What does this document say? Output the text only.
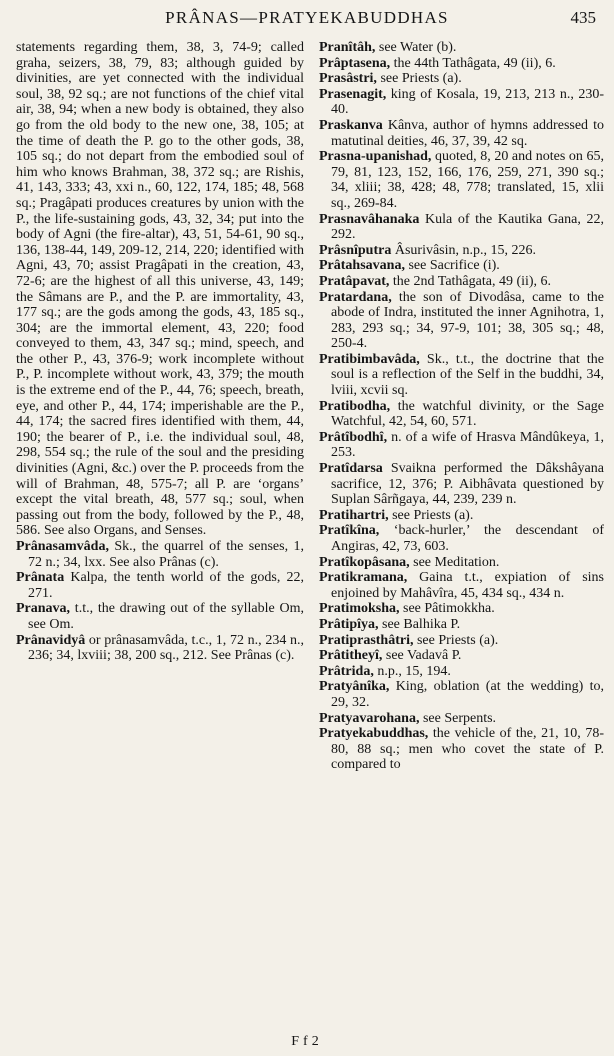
PRÂNAS—PRATYEKABUDDHAS	435

statements regarding them, 38, 3, 74-9; called graha, seizers, 38, 79, 83; although guided by divinities, are yet connected with the individual soul, 38, 92 sq.; are not functions of the chief vital air, 38, 94; when a new body is obtained, they also go from the old body to the new one, 38, 105; at the time of death the P. go to the other gods, 38, 105 sq.; do not depart from the embodied soul of him who knows Brahman, 38, 372 sq.; are Rishis, 41, 143, 333; 43, xxi n., 60, 122, 174, 185; 48, 568 sq.; Pragâpati produces creatures by union with the P., the life-sustaining gods, 43, 32, 34; put into the body of Agni (the fire-altar), 43, 51, 54-61, 90 sq., 136, 138-44, 149, 209-12, 214, 220; identified with Agni, 43, 70; assist Pragâpati in the creation, 43, 72-6; are the highest of all this universe, 43, 149; the Sâmans are P., and the P. are immortality, 43, 177 sq.; are the gods among the gods, 43, 185 sq., 304; are the immortal element, 43, 220; food conveyed to them, 43, 347 sq.; mind, speech, and the other P., 43, 376-9; work incomplete without P., P. incomplete without work, 43, 379; the mouth is the extreme end of the P., 44, 76; speech, breath, eye, and other P., 44, 174; imperishable are the P., 44, 174; the sacred fires identified with them, 44, 190; the bearer of P., i.e. the individual soul, 48, 298, 554 sq.; the rule of the soul and the presiding divinities (Agni, &c.) over the P. proceeds from the will of Brahman, 48, 575-7; all P. are ‘organs’ except the vital breath, 48, 577 sq.; soul, when passing out from the body, followed by the P., 48, 586. See also Organs, and Senses.

Prânasamvâda, Sk., the quarrel of the senses, 1, 72 n.; 34, lxx. See also Prânas (c).

Prânata Kalpa, the tenth world of the gods, 22, 271.

Pranava, t.t., the drawing out of the syllable Om, see Om.

Prânavidyâ or prânasamvâda, t.c., 1, 72 n., 234 n., 236; 34, lxviii; 38, 200 sq., 212. See Prânas (c).

Pranîtâh, see Water (b).

Prâptasena, the 44th Tathâgata, 49 (ii), 6.

Prasâstri, see Priests (a).

Prasenagit, king of Kosala, 19, 213, 213 n., 230-40.

Praskanva Kânva, author of hymns addressed to matutinal deities, 46, 37, 39, 42 sq.

Prasna-upanishad, quoted, 8, 20 and notes on 65, 79, 81, 123, 152, 166, 176, 259, 271, 390 sq.; 34, xliii; 38, 428; 48, 778; translated, 15, xlii sq., 269-84.

Prasnavâhanaka Kula of the Kautika Gana, 22, 292.

Prâsnîputra Âsurivâsin, n.p., 15, 226.

Prâtahsavana, see Sacrifice (i).

Pratâpavat, the 2nd Tathâgata, 49 (ii), 6.

Pratardana, the son of Divodâsa, came to the abode of Indra, instituted the inner Agnihotra, 1, 283, 293 sq.; 34, 97-9, 101; 38, 305 sq.; 48, 250-4.

Pratibimbavâda, Sk., t.t., the doctrine that the soul is a reflection of the Self in the buddhi, 34, lviii, xcvii sq.

Pratibodha, the watchful divinity, or the Sage Watchful, 42, 54, 60, 571.

Prâtîbodhî, n. of a wife of Hrasva Mândûkeya, 1, 253.

Pratîdarsa Svaikna performed the Dâkshâyana sacrifice, 12, 376; P. Aibhâvata questioned by Suplan Sârñgaya, 44, 239, 239 n.

Pratihartri, see Priests (a).

Pratîkîna, ‘back-hurler,’ the descendant of Angiras, 42, 73, 603.

Pratîkopâsana, see Meditation.

Pratikramana, Gaina t.t., expiation of sins enjoined by Mahâvîra, 45, 434 sq., 434 n.

Pratimoksha, see Pâtimokkha.

Prâtipîya, see Balhika P.

Pratiprasthâtri, see Priests (a).

Prâtitheyî, see Vadavâ P.

Prâtrida, n.p., 15, 194.

Pratyânîka, King, oblation (at the wedding) to, 29, 32.

Pratyavarohana, see Serpents.

Pratyekabuddhas, the vehicle of the, 21, 10, 78-80, 88 sq.; men who covet the state of P. compared to

Ff2
